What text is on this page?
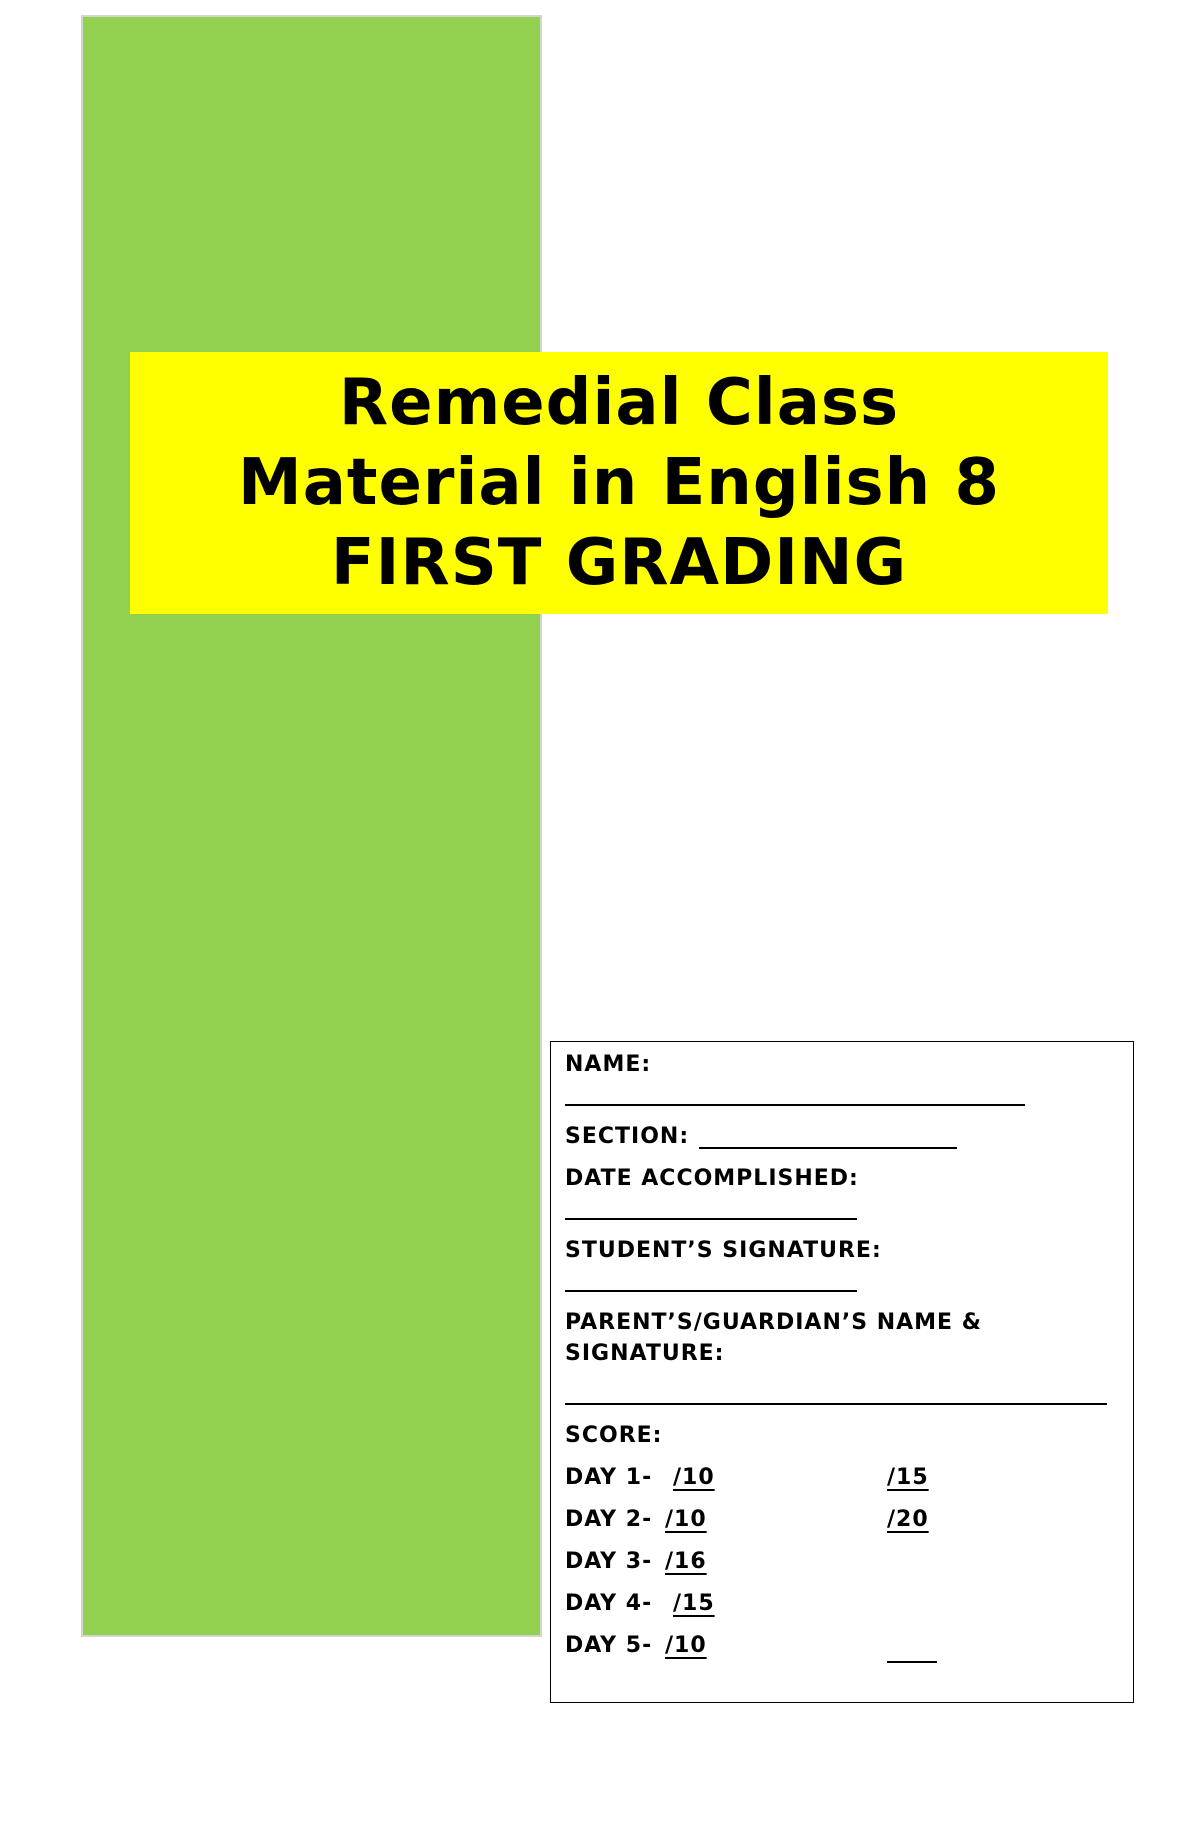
Remedial Class
Material in English 8
FIRST GRADING
NAME:
SECTION:
DATE ACCOMPLISHED:
STUDENT’S SIGNATURE:
PARENT’S/GUARDIAN’S NAME &
SIGNATURE:
SCORE:
DAY 1- /10	/15
DAY 2- /10	/20
DAY 3- /16
DAY 4- /15
DAY 5- /10
